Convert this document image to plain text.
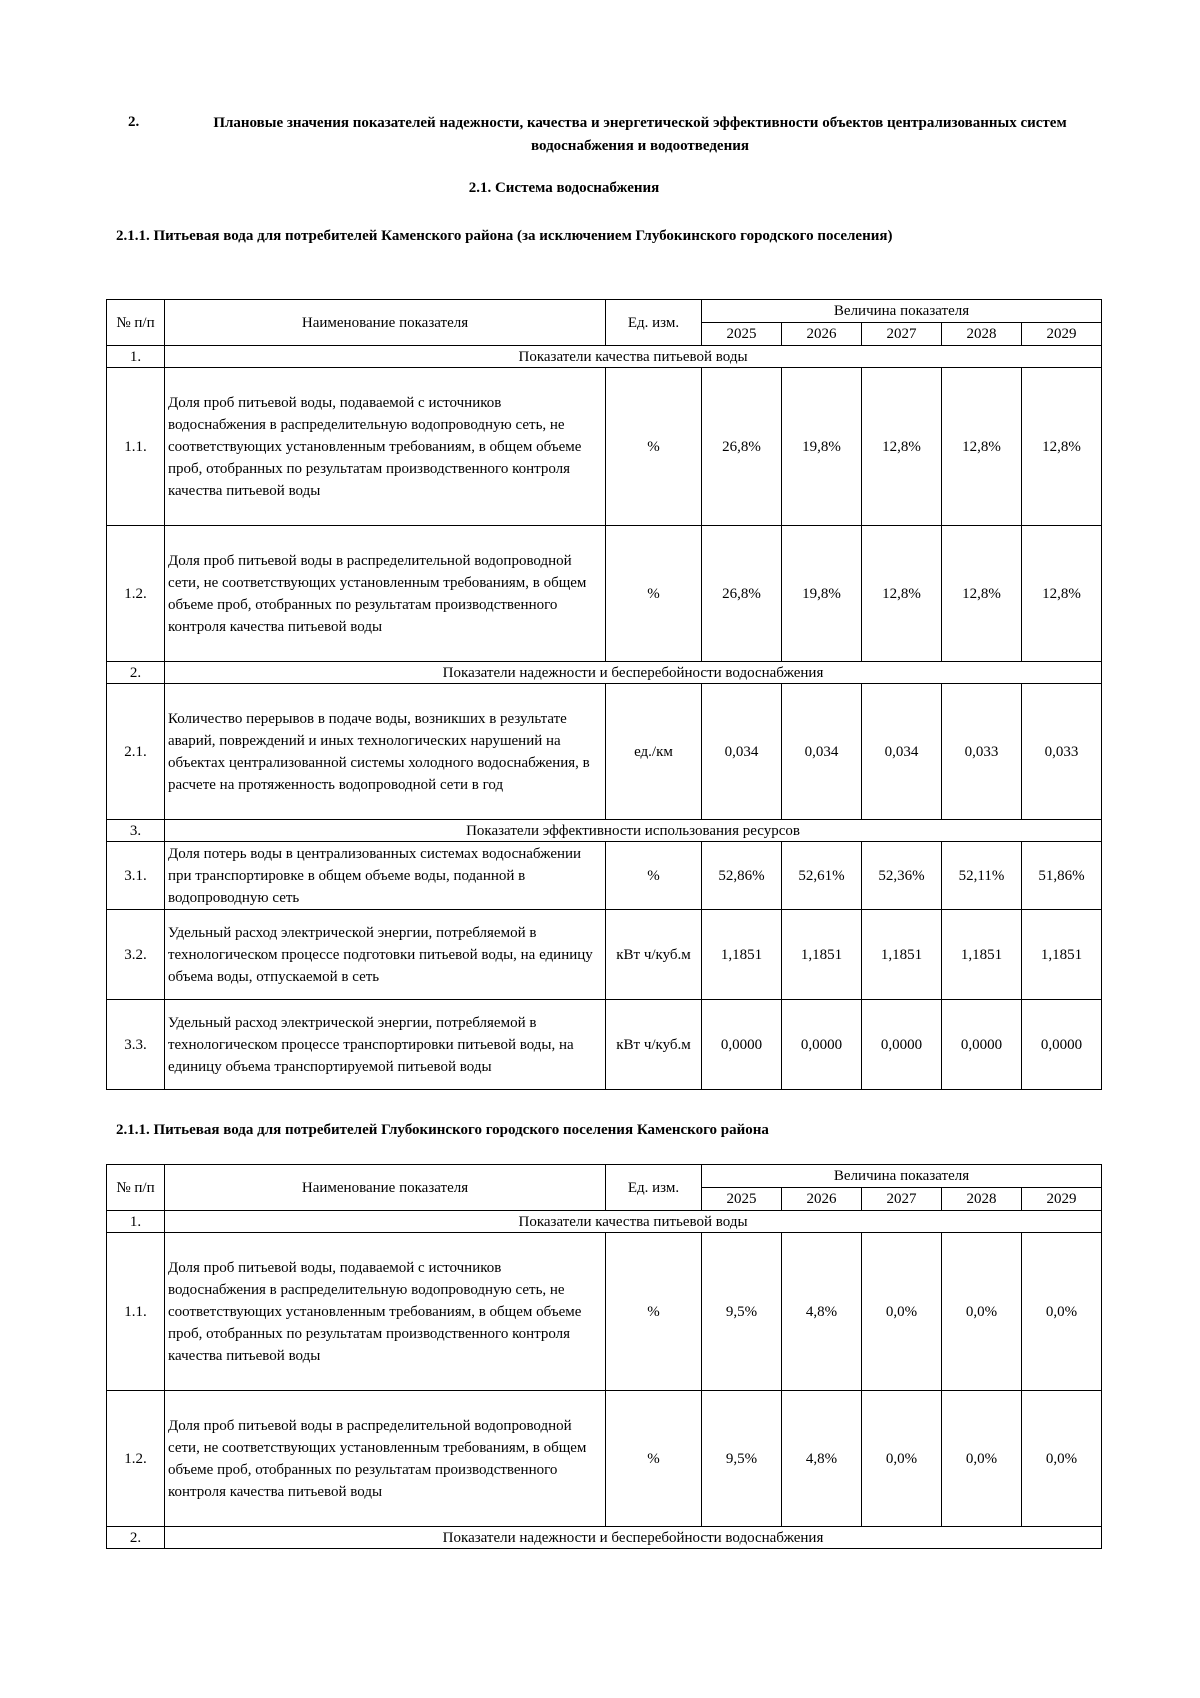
2.	Плановые значения показателей надежности, качества и энергетической эффективности объектов централизованных систем водоснабжения и водоотведения
2.1. Система водоснабжения
2.1.1. Питьевая вода для потребителей Каменского района (за исключением Глубокинского городского поселения)
№ п/п	Наименование показателя	Ед. изм.	Величина показателя				
			2025	2026	2027	2028	2029
1.	Показатели качества питьевой воды						
1.1.	Доля проб питьевой воды, подаваемой с источников водоснабжения в распределительную водопроводную сеть, не соответствующих установленным требованиям, в общем объеме проб, отобранных по результатам производственного контроля качества питьевой воды	%	26,8%	19,8%	12,8%	12,8%	12,8%
1.2.	Доля проб питьевой воды в распределительной водопроводной сети, не соответствующих установленным требованиям, в общем объеме проб, отобранных по результатам производственного контроля качества питьевой воды	%	26,8%	19,8%	12,8%	12,8%	12,8%
2.	Показатели надежности и бесперебойности водоснабжения						
2.1.	Количество перерывов в подаче воды, возникших в результате аварий, повреждений и иных технологических нарушений на объектах централизованной системы холодного водоснабжения, в расчете на протяженность водопроводной сети в год	ед./км	0,034	0,034	0,034	0,033	0,033
3.	Показатели эффективности использования ресурсов						
3.1.	Доля потерь воды в централизованных системах водоснабжении при транспортировке в общем объеме воды, поданной в водопроводную сеть	%	52,86%	52,61%	52,36%	52,11%	51,86%
3.2.	Удельный расход электрической энергии, потребляемой в технологическом процессе подготовки питьевой воды, на единицу объема воды, отпускаемой в сеть	кВт ч/куб.м	1,1851	1,1851	1,1851	1,1851	1,1851
3.3.	Удельный расход электрической энергии, потребляемой в технологическом процессе транспортировки питьевой воды, на единицу объема транспортируемой питьевой воды	кВт ч/куб.м	0,0000	0,0000	0,0000	0,0000	0,0000
2.1.1. Питьевая вода для потребителей Глубокинского городского поселения Каменского района
№ п/п	Наименование показателя	Ед. изм.	Величина показателя				
			2025	2026	2027	2028	2029
1.	Показатели качества питьевой воды						
1.1.	Доля проб питьевой воды, подаваемой с источников водоснабжения в распределительную водопроводную сеть, не соответствующих установленным требованиям, в общем объеме проб, отобранных по результатам производственного контроля качества питьевой воды	%	9,5%	4,8%	0,0%	0,0%	0,0%
1.2.	Доля проб питьевой воды в распределительной водопроводной сети, не соответствующих установленным требованиям, в общем объеме проб, отобранных по результатам производственного контроля качества питьевой воды	%	9,5%	4,8%	0,0%	0,0%	0,0%
2.	Показатели надежности и бесперебойности водоснабжения						
